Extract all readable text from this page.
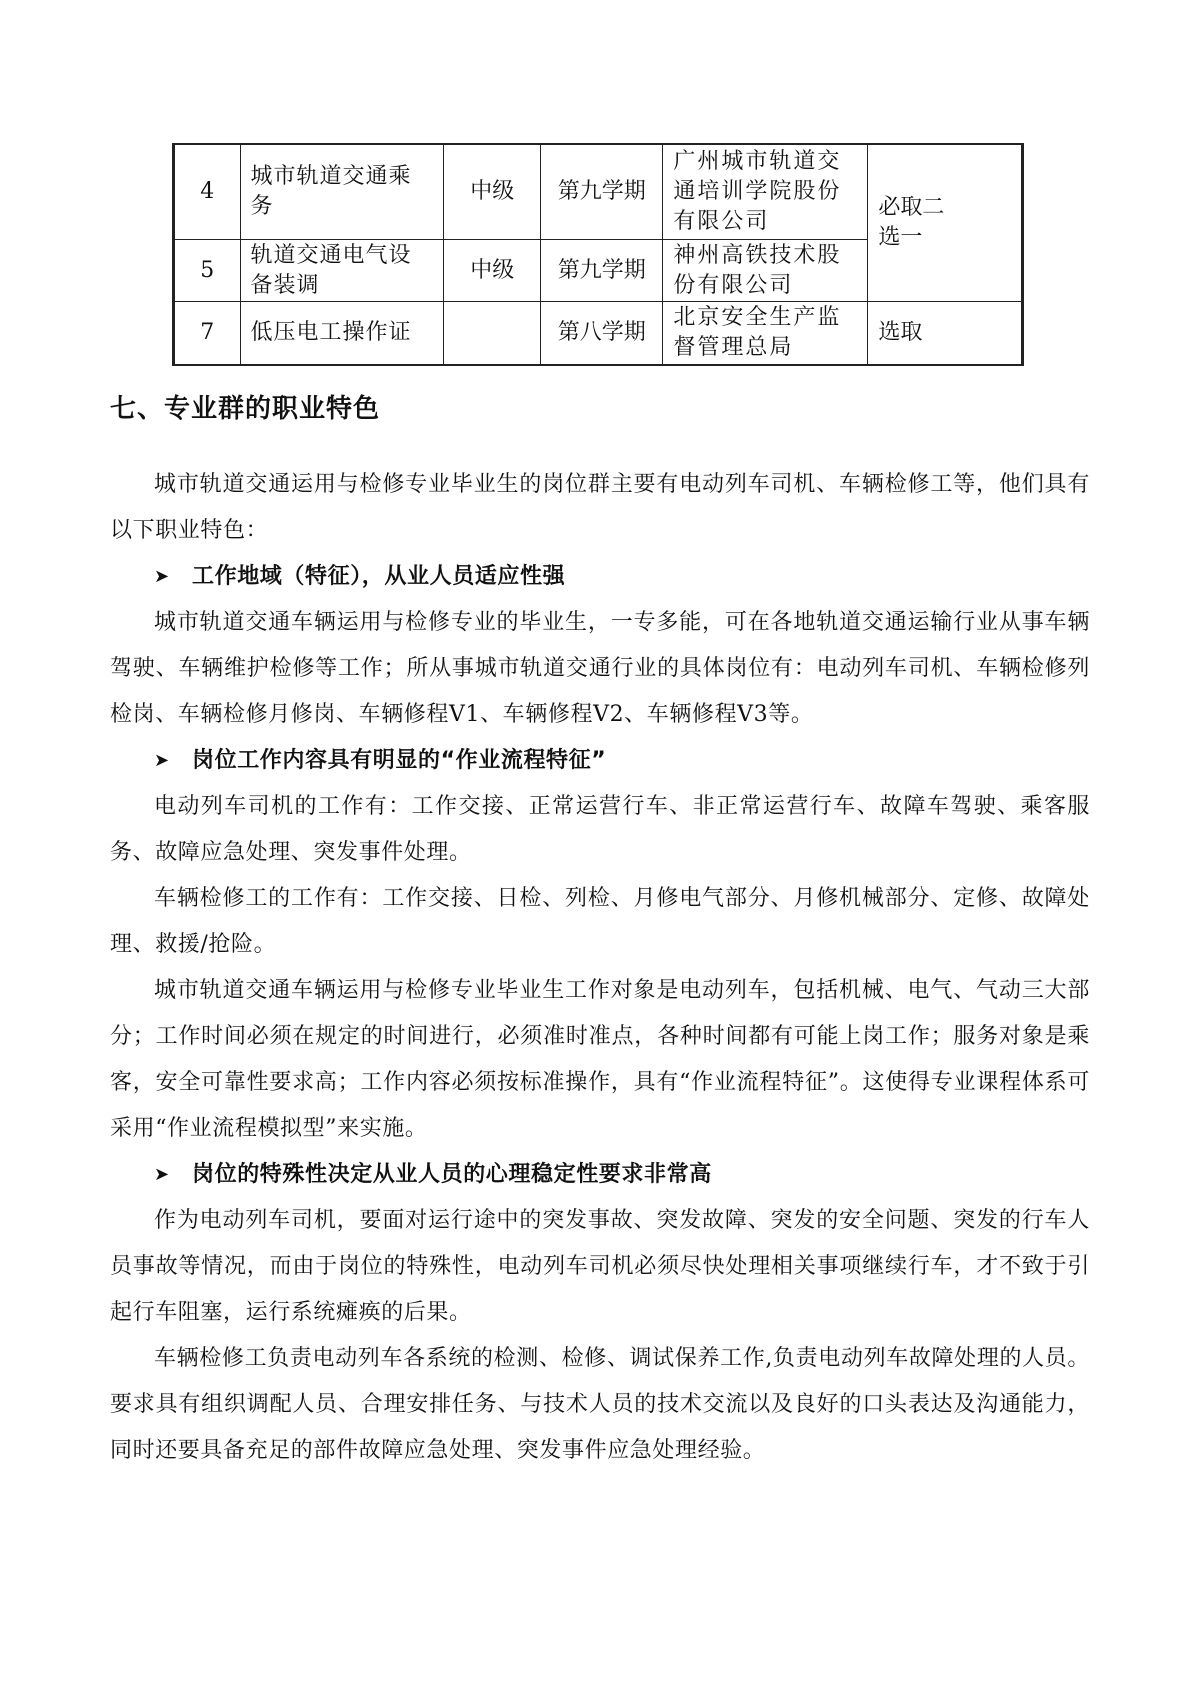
4	城市轨道交通乘务	中级	第九学期	广州城市轨道交通培训学院股份有限公司	必取二选一
5	轨道交通电气设备装调	中级	第九学期	神州高铁技术股份有限公司	
7	低压电工操作证		第八学期	北京安全生产监督管理总局	选取
七、专业群的职业特色

城市轨道交通运用与检修专业毕业生的岗位群主要有电动列车司机、车辆检修工等，他们具有以下职业特色：

➤	工作地域（特征），从业人员适应性强

城市轨道交通车辆运用与检修专业的毕业生，一专多能，可在各地轨道交通运输行业从事车辆驾驶、车辆维护检修等工作；所从事城市轨道交通行业的具体岗位有：电动列车司机、车辆检修列检岗、车辆检修月修岗、车辆修程V1、车辆修程V2、车辆修程V3等。

➤	岗位工作内容具有明显的“作业流程特征”

电动列车司机的工作有：工作交接、正常运营行车、非正常运营行车、故障车驾驶、乘客服务、故障应急处理、突发事件处理。

车辆检修工的工作有：工作交接、日检、列检、月修电气部分、月修机械部分、定修、故障处理、救援/抢险。

城市轨道交通车辆运用与检修专业毕业生工作对象是电动列车，包括机械、电气、气动三大部分；工作时间必须在规定的时间进行，必须准时准点，各种时间都有可能上岗工作；服务对象是乘客，安全可靠性要求高；工作内容必须按标准操作，具有“作业流程特征”。这使得专业课程体系可采用“作业流程模拟型”来实施。

➤	岗位的特殊性决定从业人员的心理稳定性要求非常高

作为电动列车司机，要面对运行途中的突发事故、突发故障、突发的安全问题、突发的行车人员事故等情况，而由于岗位的特殊性，电动列车司机必须尽快处理相关事项继续行车，才不致于引起行车阻塞，运行系统瘫痪的后果。

车辆检修工负责电动列车各系统的检测、检修、调试保养工作,负责电动列车故障处理的人员。要求具有组织调配人员、合理安排任务、与技术人员的技术交流以及良好的口头表达及沟通能力，同时还要具备充足的部件故障应急处理、突发事件应急处理经验。
